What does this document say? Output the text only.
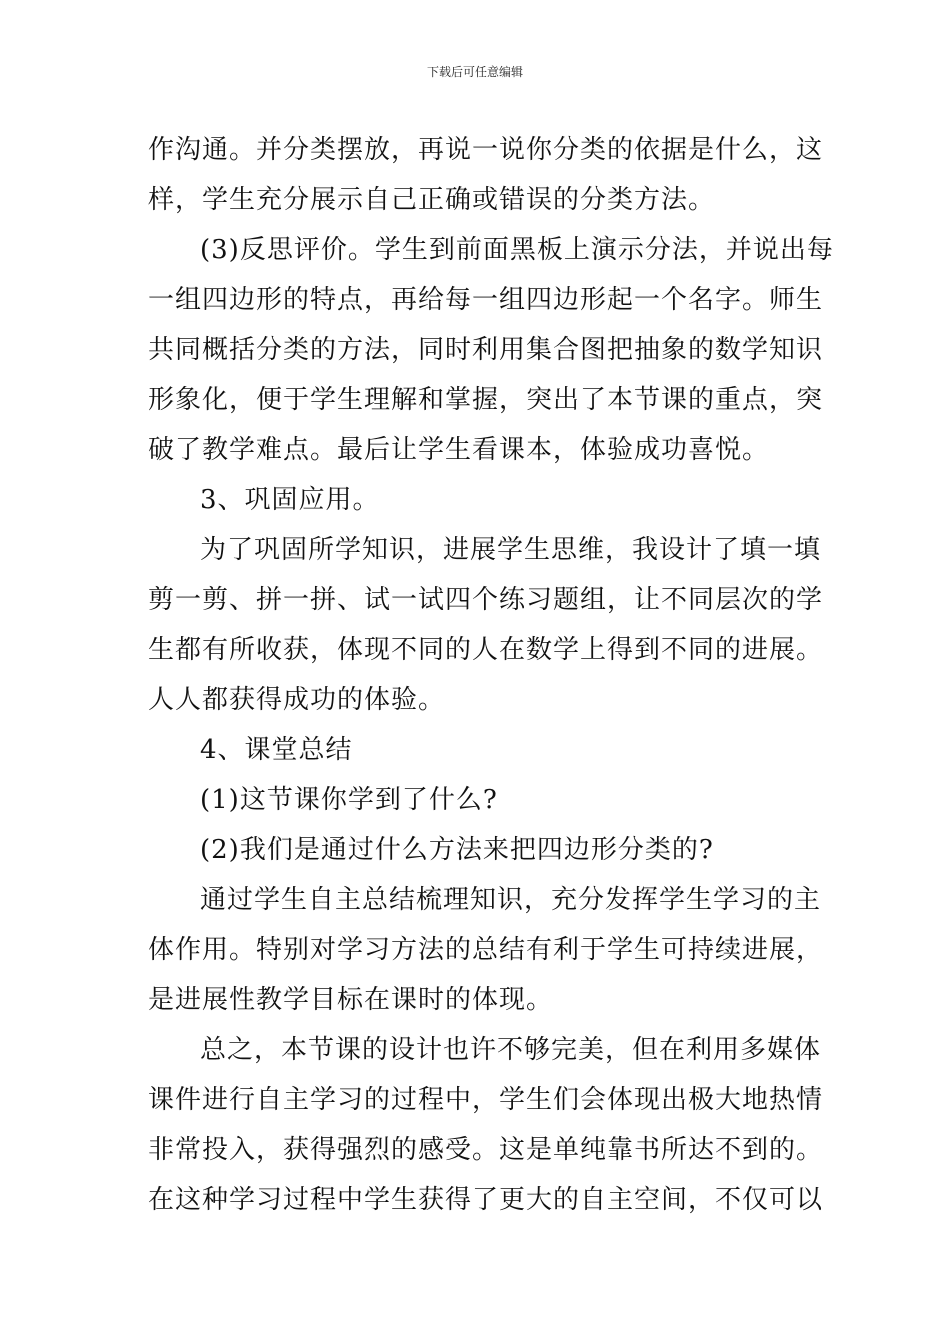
下载后可任意编辑
作沟通。并分类摆放，再说一说你分类的依据是什么，这
样，学生充分展示自己正确或错误的分类方法。
(3)反思评价。学生到前面黑板上演示分法，并说出每
一组四边形的特点，再给每一组四边形起一个名字。师生
共同概括分类的方法，同时利用集合图把抽象的数学知识
形象化，便于学生理解和掌握，突出了本节课的重点，突
破了教学难点。最后让学生看课本，体验成功喜悦。
3、巩固应用。
为了巩固所学知识，进展学生思维，我设计了填一填
剪一剪、拼一拼、试一试四个练习题组，让不同层次的学
生都有所收获，体现不同的人在数学上得到不同的进展。
人人都获得成功的体验。
4、课堂总结
(1)这节课你学到了什么?
(2)我们是通过什么方法来把四边形分类的?
通过学生自主总结梳理知识，充分发挥学生学习的主
体作用。特别对学习方法的总结有利于学生可持续进展，
是进展性教学目标在课时的体现。
总之，本节课的设计也许不够完美，但在利用多媒体
课件进行自主学习的过程中，学生们会体现出极大地热情
非常投入，获得强烈的感受。这是单纯靠书所达不到的。
在这种学习过程中学生获得了更大的自主空间，不仅可以
